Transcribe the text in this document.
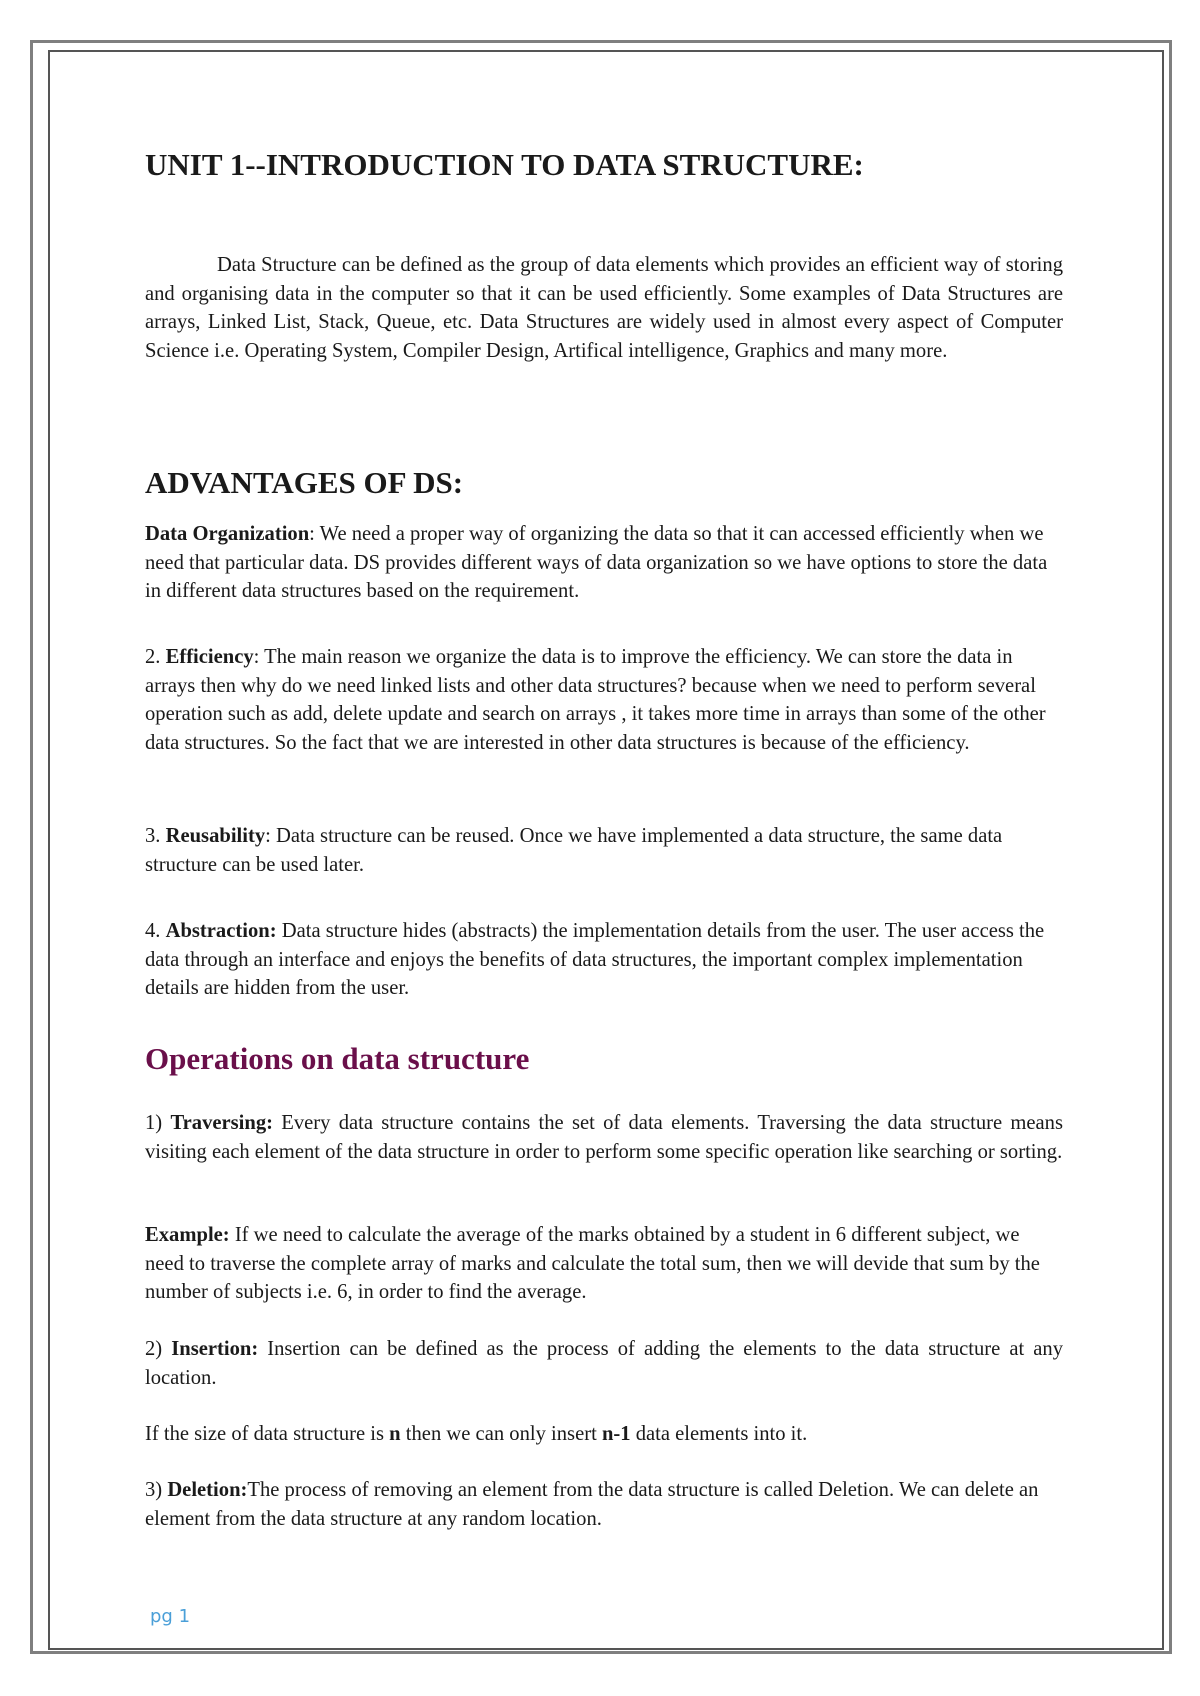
UNIT 1--INTRODUCTION TO DATA STRUCTURE:

Data Structure can be defined as the group of data elements which provides an efficient way of storing and organising data in the computer so that it can be used efficiently. Some examples of Data Structures are arrays, Linked List, Stack, Queue, etc. Data Structures are widely used in almost every aspect of Computer Science i.e. Operating System, Compiler Design, Artifical intelligence, Graphics and many more.

ADVANTAGES OF DS:

Data Organization: We need a proper way of organizing the data so that it can accessed efficiently when we need that particular data. DS provides different ways of data organization so we have options to store the data in different data structures based on the requirement.

2. Efficiency: The main reason we organize the data is to improve the efficiency. We can store the data in arrays then why do we need linked lists and other data structures? because when we need to perform several operation such as add, delete update and search on arrays , it takes more time in arrays than some of the other data structures. So the fact that we are interested in other data structures is because of the efficiency.

3. Reusability: Data structure can be reused. Once we have implemented a data structure, the same data structure can be used later.

4. Abstraction: Data structure hides (abstracts) the implementation details from the user. The user access the data through an interface and enjoys the benefits of data structures, the important complex implementation details are hidden from the user.

Operations on data structure

1) Traversing: Every data structure contains the set of data elements. Traversing the data structure means visiting each element of the data structure in order to perform some specific operation like searching or sorting.

Example: If we need to calculate the average of the marks obtained by a student in 6 different subject, we need to traverse the complete array of marks and calculate the total sum, then we will devide that sum by the number of subjects i.e. 6, in order to find the average.

2) Insertion: Insertion can be defined as the process of adding the elements to the data structure at any location.

If the size of data structure is n then we can only insert n-1 data elements into it.

3) Deletion:The process of removing an element from the data structure is called Deletion. We can delete an element from the data structure at any random location.

pg 1
